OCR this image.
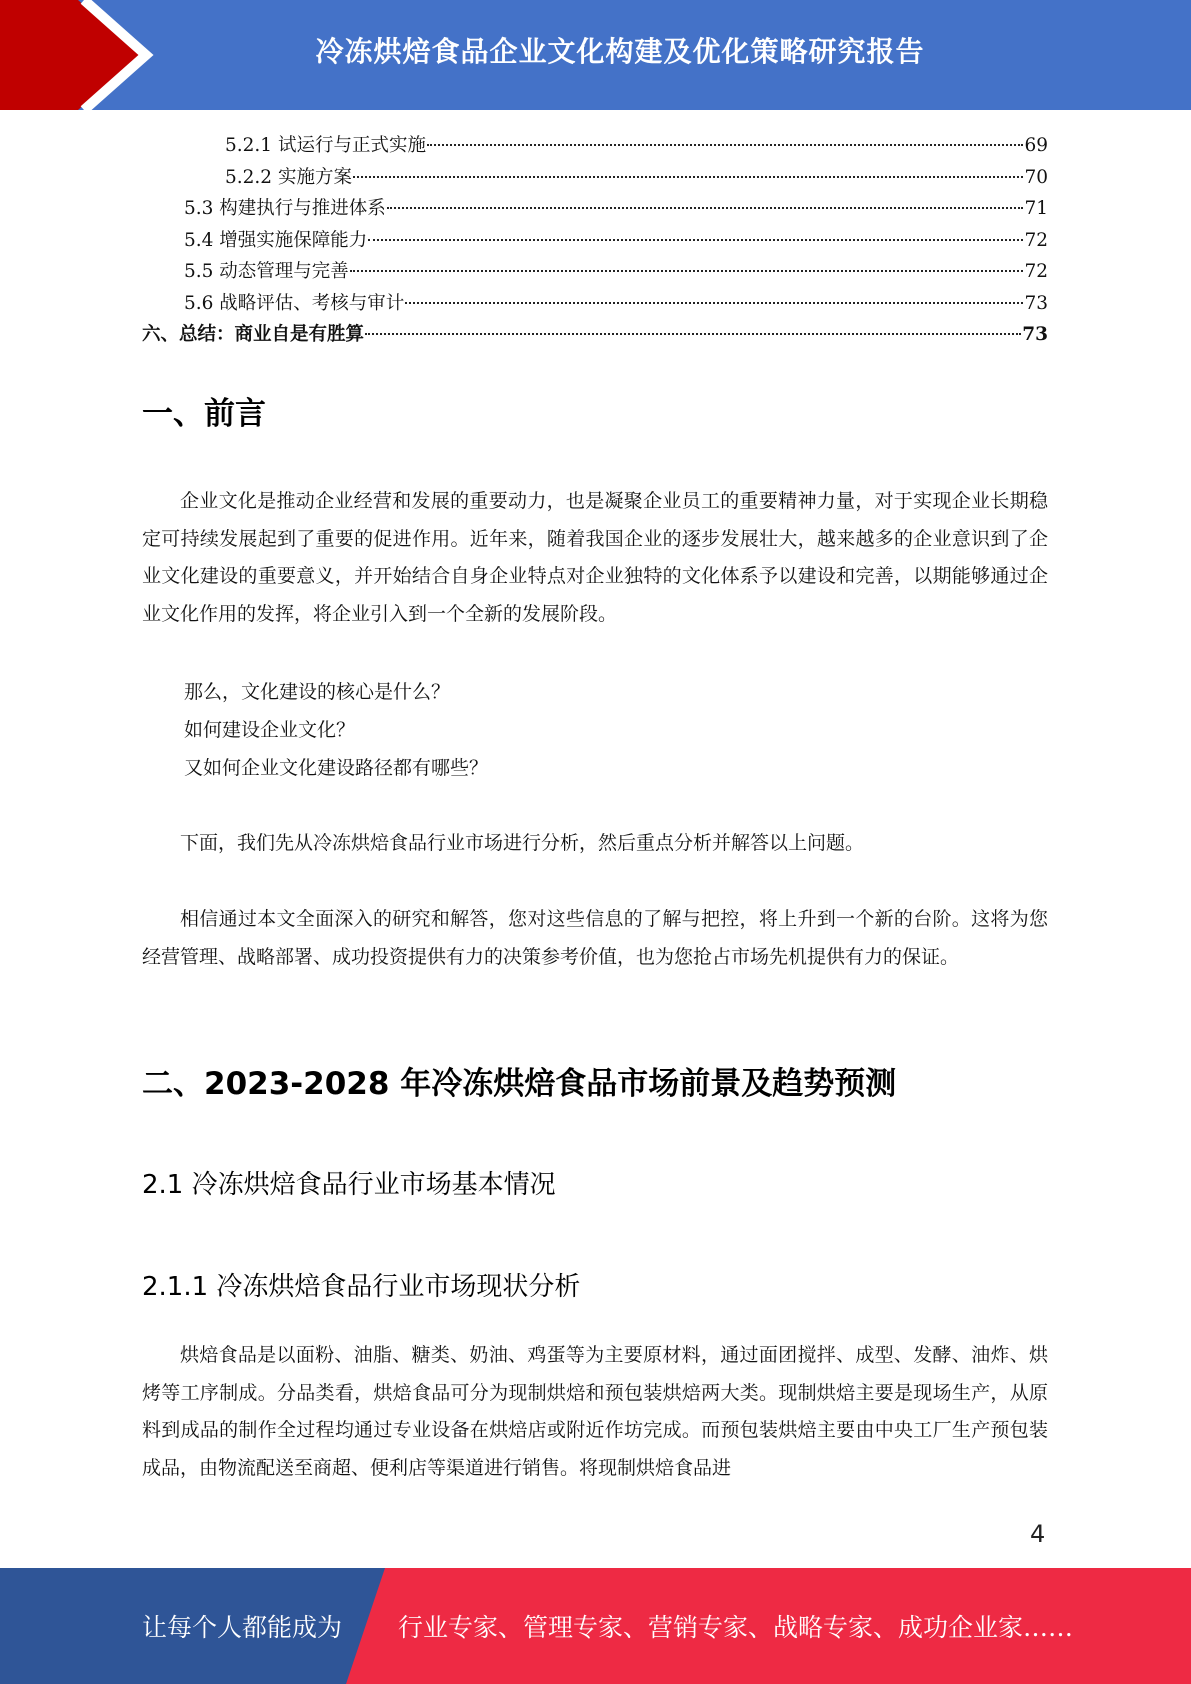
冷冻烘焙食品企业文化构建及优化策略研究报告
5.2.1 试运行与正式实施	69
5.2.2 实施方案	70
5.3 构建执行与推进体系	71
5.4 增强实施保障能力	72
5.5 动态管理与完善	72
5.6 战略评估、考核与审计	73
六、总结：商业自是有胜算	73
一、前言
企业文化是推动企业经营和发展的重要动力，也是凝聚企业员工的重要精神力量，对于实现企业长期稳定可持续发展起到了重要的促进作用。近年来，随着我国企业的逐步发展壮大，越来越多的企业意识到了企业文化建设的重要意义，并开始结合自身企业特点对企业独特的文化体系予以建设和完善，以期能够通过企业文化作用的发挥，将企业引入到一个全新的发展阶段。
那么，文化建设的核心是什么？
如何建设企业文化？
又如何企业文化建设路径都有哪些？
下面，我们先从冷冻烘焙食品行业市场进行分析，然后重点分析并解答以上问题。
相信通过本文全面深入的研究和解答，您对这些信息的了解与把控，将上升到一个新的台阶。这将为您经营管理、战略部署、成功投资提供有力的决策参考价值，也为您抢占市场先机提供有力的保证。
二、2023-2028 年冷冻烘焙食品市场前景及趋势预测
2.1 冷冻烘焙食品行业市场基本情况
2.1.1 冷冻烘焙食品行业市场现状分析
烘焙食品是以面粉、油脂、糖类、奶油、鸡蛋等为主要原材料，通过面团搅拌、成型、发酵、油炸、烘烤等工序制成。分品类看，烘焙食品可分为现制烘焙和预包装烘焙两大类。现制烘焙主要是现场生产，从原料到成品的制作全过程均通过专业设备在烘焙店或附近作坊完成。而预包装烘焙主要由中央工厂生产预包装成品，由物流配送至商超、便利店等渠道进行销售。将现制烘焙食品进
4
让每个人都能成为 行业专家、管理专家、营销专家、战略专家、成功企业家……
